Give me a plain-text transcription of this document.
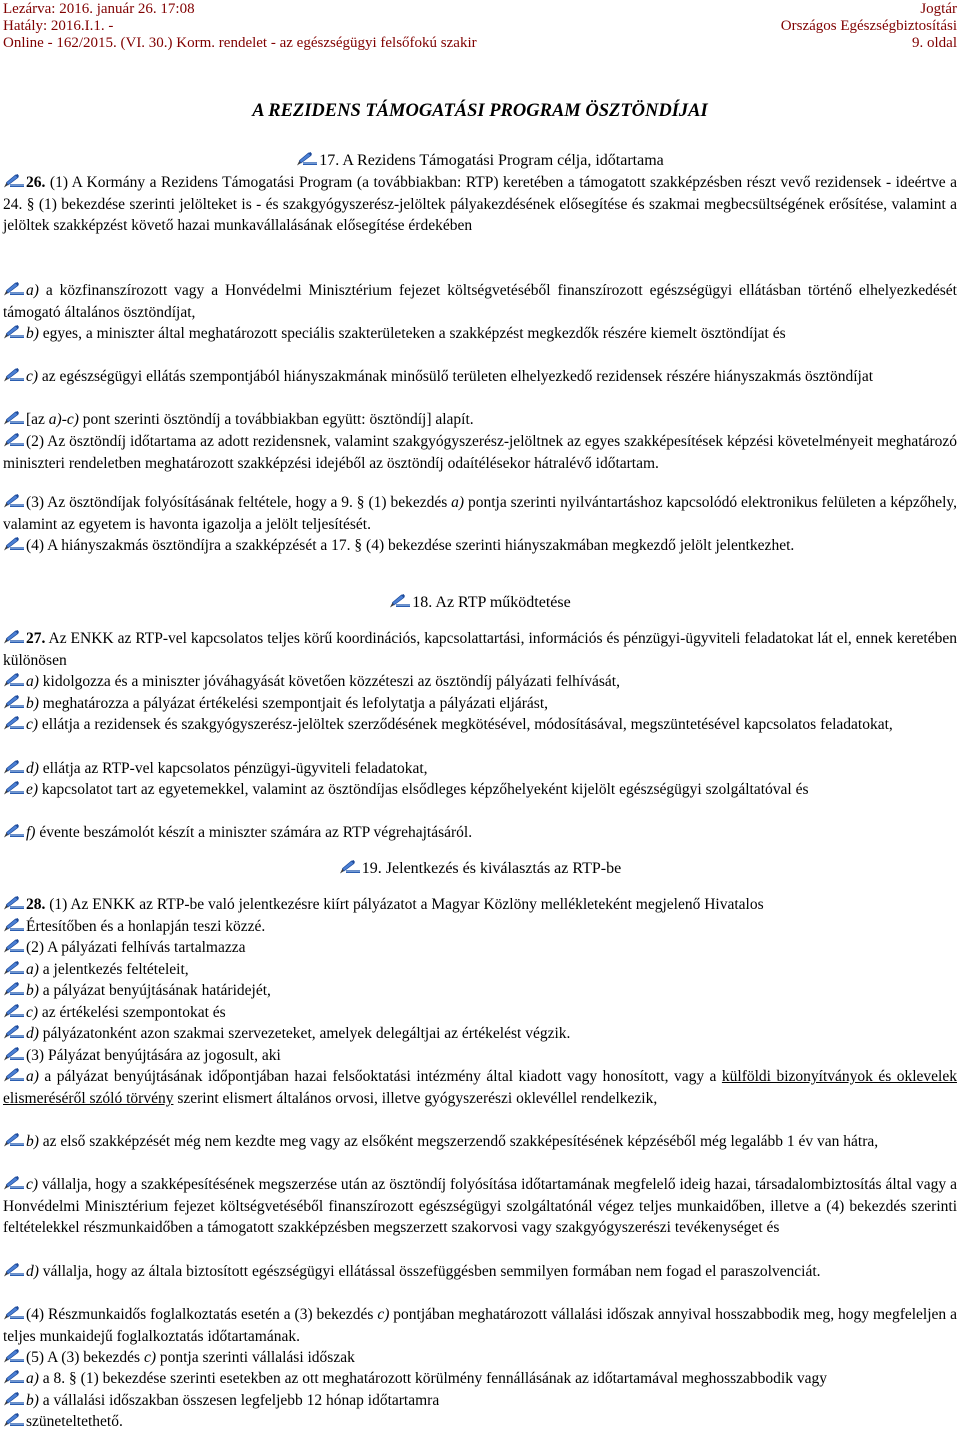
Lezárva: 2016. január 26. 17:08	Jogtár
Hatály: 2016.I.1. -	Országos Egészségbiztosítási
Online - 162/2015. (VI. 30.) Korm. rendelet - az egészségügyi felsőfokú szakir	9. oldal
A REZIDENS TÁMOGATÁSI PROGRAM ÖSZTÖNDÍJAI
17. A Rezidens Támogatási Program célja, időtartama
26. (1) A Kormány a Rezidens Támogatási Program (a továbbiakban: RTP) keretében a támogatott szakképzésben részt vevő rezidensek - ideértve a 24. § (1) bekezdése szerinti jelölteket is - és szakgyógyszerész-jelöltek pályakezdésének elősegítése és szakmai megbecsültségének erősítése, valamint a jelöltek szakképzést követő hazai munkavállalásának elősegítése érdekében
a) a közfinanszírozott vagy a Honvédelmi Minisztérium fejezet költségvetéséből finanszírozott egészségügyi ellátásban történő elhelyezkedését támogató általános ösztöndíjat,
b) egyes, a miniszter által meghatározott speciális szakterületeken a szakképzést megkezdők részére kiemelt ösztöndíjat és
c) az egészségügyi ellátás szempontjából hiányszakmának minősülő területen elhelyezkedő rezidensek részére hiányszakmás ösztöndíjat
[az a)-c) pont szerinti ösztöndíj a továbbiakban együtt: ösztöndíj] alapít.
(2) Az ösztöndíj időtartama az adott rezidensnek, valamint szakgyógyszerész-jelöltnek az egyes szakképesítések képzési követelményeit meghatározó miniszteri rendeletben meghatározott szakképzési idejéből az ösztöndíj odaítélésekor hátralévő időtartam.
(3) Az ösztöndíjak folyósításának feltétele, hogy a 9. § (1) bekezdés a) pontja szerinti nyilvántartáshoz kapcsolódó elektronikus felületen a képzőhely, valamint az egyetem is havonta igazolja a jelölt teljesítését.
(4) A hiányszakmás ösztöndíjra a szakképzését a 17. § (4) bekezdése szerinti hiányszakmában megkezdő jelölt jelentkezhet.
18. Az RTP működtetése
27. Az ENKK az RTP-vel kapcsolatos teljes körű koordinációs, kapcsolattartási, információs és pénzügyi-ügyviteli feladatokat lát el, ennek keretében különösen
a) kidolgozza és a miniszter jóváhagyását követően közzéteszi az ösztöndíj pályázati felhívását,
b) meghatározza a pályázat értékelési szempontjait és lefolytatja a pályázati eljárást,
c) ellátja a rezidensek és szakgyógyszerész-jelöltek szerződésének megkötésével, módosításával, megszüntetésével kapcsolatos feladatokat,
d) ellátja az RTP-vel kapcsolatos pénzügyi-ügyviteli feladatokat,
e) kapcsolatot tart az egyetemekkel, valamint az ösztöndíjas elsődleges képzőhelyeként kijelölt egészségügyi szolgáltatóval és
f) évente beszámolót készít a miniszter számára az RTP végrehajtásáról.
19. Jelentkezés és kiválasztás az RTP-be
28. (1) Az ENKK az RTP-be való jelentkezésre kiírt pályázatot a Magyar Közlöny mellékleteként megjelenő Hivatalos
Értesítőben és a honlapján teszi közzé.
(2) A pályázati felhívás tartalmazza
a) a jelentkezés feltételeit,
b) a pályázat benyújtásának határidejét,
c) az értékelési szempontokat és
d) pályázatonként azon szakmai szervezeteket, amelyek delegáltjai az értékelést végzik.
(3) Pályázat benyújtására az jogosult, aki
a) a pályázat benyújtásának időpontjában hazai felsőoktatási intézmény által kiadott vagy honosított, vagy a külföldi bizonyítványok és oklevelek elismeréséről szóló törvény szerint elismert általános orvosi, illetve gyógyszerészi oklevéllel rendelkezik,
b) az első szakképzését még nem kezdte meg vagy az elsőként megszerzendő szakképesítésének képzéséből még legalább 1 év van hátra,
c) vállalja, hogy a szakképesítésének megszerzése után az ösztöndíj folyósítása időtartamának megfelelő ideig hazai, társadalombiztosítás által vagy a Honvédelmi Minisztérium fejezet költségvetéséből finanszírozott egészségügyi szolgáltatónál végez teljes munkaidőben, illetve a (4) bekezdés szerinti feltételekkel részmunkaidőben a támogatott szakképzésben megszerzett szakorvosi vagy szakgyógyszerészi tevékenységet és
d) vállalja, hogy az általa biztosított egészségügyi ellátással összefüggésben semmilyen formában nem fogad el paraszolvenciát.
(4) Részmunkaidős foglalkoztatás esetén a (3) bekezdés c) pontjában meghatározott vállalási időszak annyival hosszabbodik meg, hogy megfeleljen a teljes munkaidejű foglalkoztatás időtartamának.
(5) A (3) bekezdés c) pontja szerinti vállalási időszak
a) a 8. § (1) bekezdése szerinti esetekben az ott meghatározott körülmény fennállásának az időtartamával meghosszabbodik vagy
b) a vállalási időszakban összesen legfeljebb 12 hónap időtartamra
szüneteltethető.
